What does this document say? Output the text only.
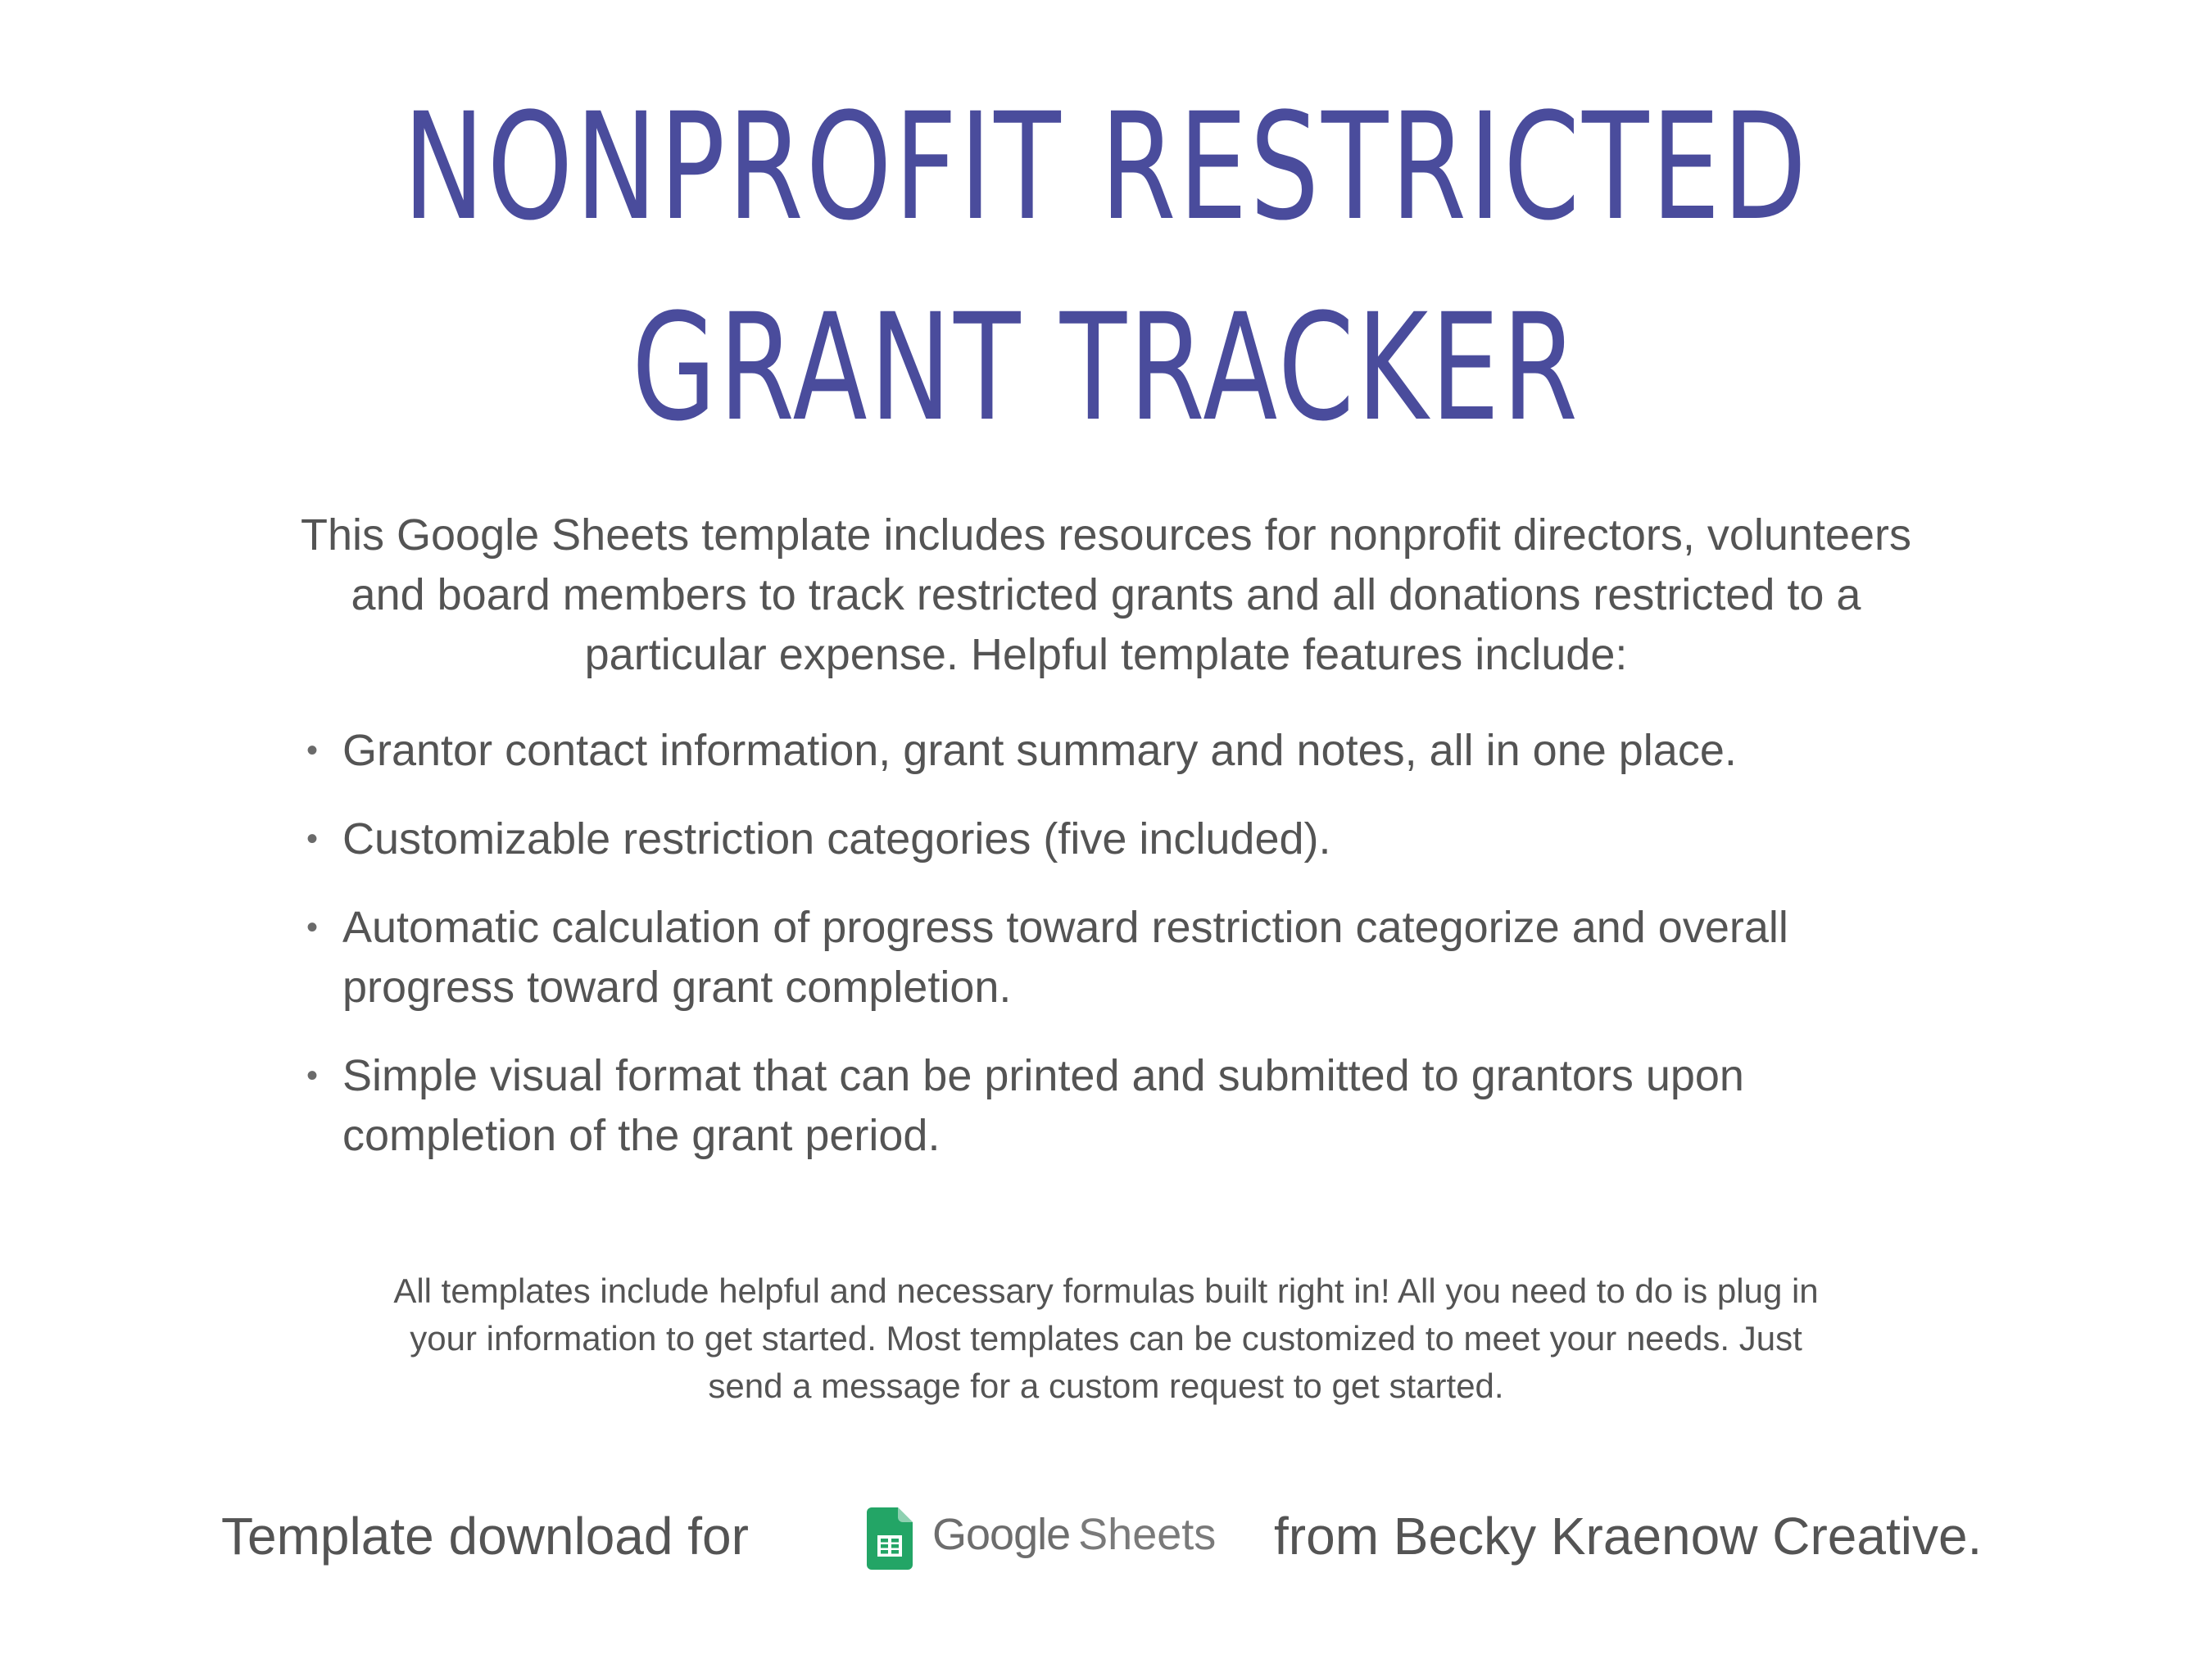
NONPROFIT RESTRICTED
GRANT TRACKER

This Google Sheets template includes resources for nonprofit directors, volunteers and board members to track restricted grants and all donations restricted to a particular expense. Helpful template features include:

• Grantor contact information, grant summary and notes, all in one place.
• Customizable restriction categories (five included).
• Automatic calculation of progress toward restriction categorize and overall progress toward grant completion.
• Simple visual format that can be printed and submitted to grantors upon completion of the grant period.

All templates include helpful and necessary formulas built right in! All you need to do is plug in your information to get started. Most templates can be customized to meet your needs. Just send a message for a custom request to get started.

Template download for	Google Sheets from Becky Kraenow Creative.
